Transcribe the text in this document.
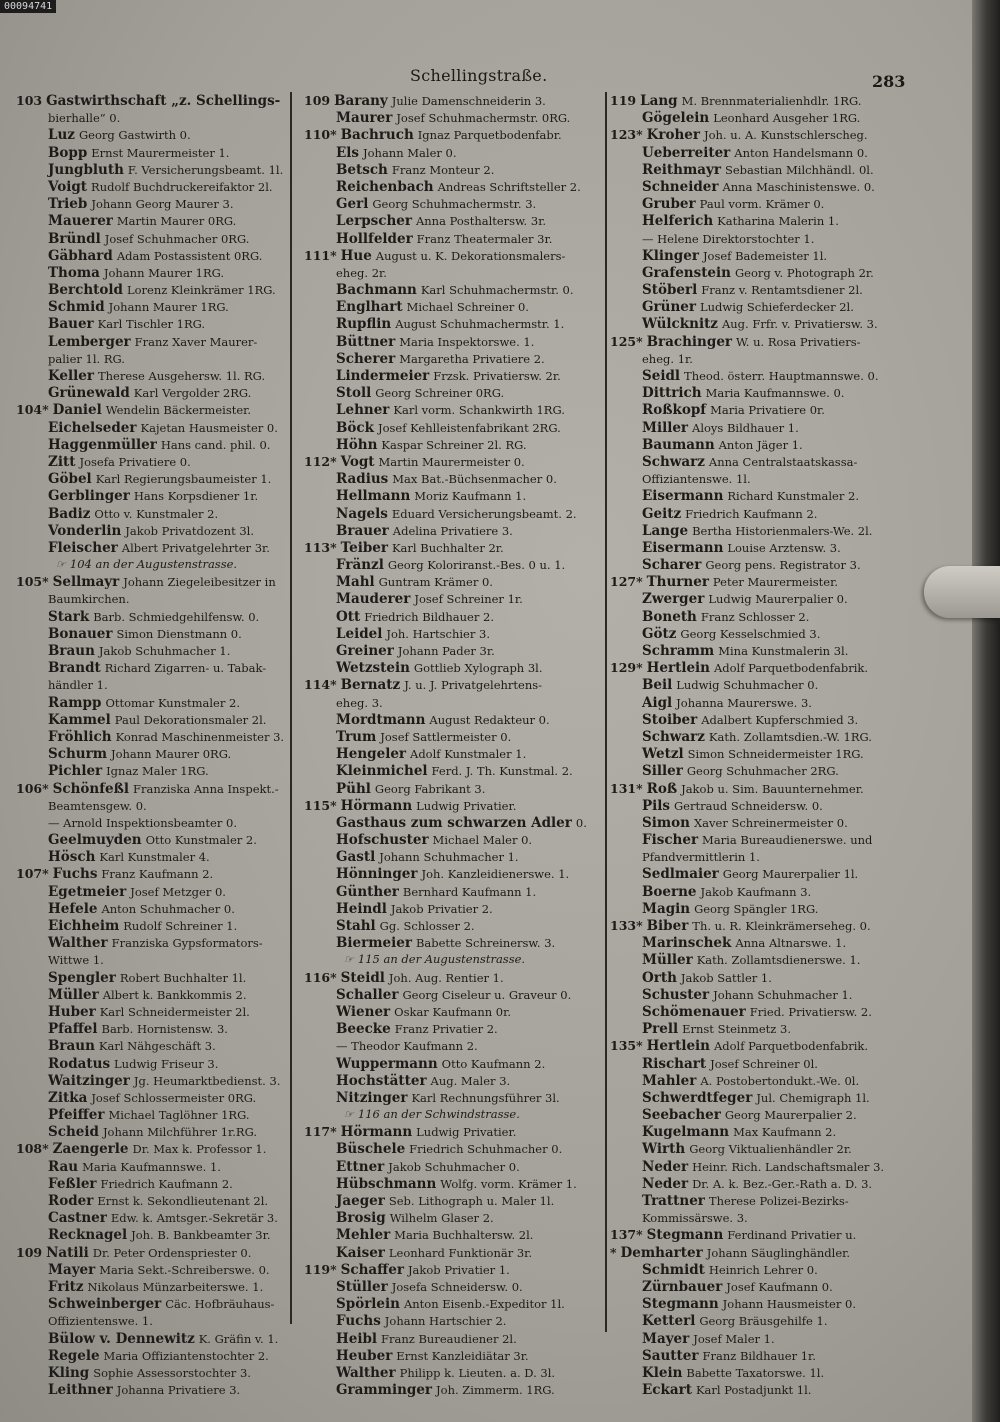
00094741
Schellingstraße.	283
103 Gastwirthschaft „z. Schellings-
bierhalle“ 0.
Luz Georg Gastwirth 0.
Bopp Ernst Maurermeister 1.
Jungbluth F. Versicherungsbeamt. 1l.
Voigt Rudolf Buchdruckereifaktor 2l.
Trieb Johann Georg Maurer 3.
Mauerer Martin Maurer 0RG.
Bründl Josef Schuhmacher 0RG.
Gäbhard Adam Postassistent 0RG.
Thoma Johann Maurer 1RG.
Berchtold Lorenz Kleinkrämer 1RG.
Schmid Johann Maurer 1RG.
Bauer Karl Tischler 1RG.
Lemberger Franz Xaver Maurer-
palier 1l. RG.
Keller Therese Ausgehersw. 1l. RG.
Grünewald Karl Vergolder 2RG.
104* Daniel Wendelin Bäckermeister.
Eichelseder Kajetan Hausmeister 0.
Haggenmüller Hans cand. phil. 0.
Zitt Josefa Privatiere 0.
Göbel Karl Regierungsbaumeister 1.
Gerblinger Hans Korpsdiener 1r.
Badiz Otto v. Kunstmaler 2.
Vonderlin Jakob Privatdozent 3l.
Fleischer Albert Privatgelehrter 3r.
☞ 104 an der Augustenstrasse.
105* Sellmayr Johann Ziegeleibesitzer in
Baumkirchen.
Stark Barb. Schmiedgehilfensw. 0.
Bonauer Simon Dienstmann 0.
Braun Jakob Schuhmacher 1.
Brandt Richard Zigarren- u. Tabak-
händler 1.
Rampp Ottomar Kunstmaler 2.
Kammel Paul Dekorationsmaler 2l.
Fröhlich Konrad Maschinenmeister 3.
Schurm Johann Maurer 0RG.
Pichler Ignaz Maler 1RG.
106* Schönfeßl Franziska Anna Inspekt.-
Beamtensgew. 0.
— Arnold Inspektionsbeamter 0.
Geelmuyden Otto Kunstmaler 2.
Hösch Karl Kunstmaler 4.
107* Fuchs Franz Kaufmann 2.
Egetmeier Josef Metzger 0.
Hefele Anton Schuhmacher 0.
Eichheim Rudolf Schreiner 1.
Walther Franziska Gypsformators-
Wittwe 1.
Spengler Robert Buchhalter 1l.
Müller Albert k. Bankkommis 2.
Huber Karl Schneidermeister 2l.
Pfaffel Barb. Hornistensw. 3.
Braun Karl Nähgeschäft 3.
Rodatus Ludwig Friseur 3.
Waitzinger Jg. Heumarktbedienst. 3.
Zitka Josef Schlossermeister 0RG.
Pfeiffer Michael Taglöhner 1RG.
Scheid Johann Milchführer 1r.RG.
108* Zaengerle Dr. Max k. Professor 1.
Rau Maria Kaufmannswe. 1.
Feßler Friedrich Kaufmann 2.
Roder Ernst k. Sekondlieutenant 2l.
Castner Edw. k. Amtsger.-Sekretär 3.
Recknagel Joh. B. Bankbeamter 3r.
109 Natili Dr. Peter Ordenspriester 0.
Mayer Maria Sekt.-Schreiberswe. 0.
Fritz Nikolaus Münzarbeiterswe. 1.
Schweinberger Cäc. Hofbräuhaus-
Offizientenswe. 1.
Bülow v. Dennewitz K. Gräfin v. 1.
Regele Maria Offiziantenstochter 2.
Kling Sophie Assessorstochter 3.
Leithner Johanna Privatiere 3.
109 Barany Julie Damenschneiderin 3.
Maurer Josef Schuhmachermstr. 0RG.
110* Bachruch Ignaz Parquetbodenfabr.
Els Johann Maler 0.
Betsch Franz Monteur 2.
Reichenbach Andreas Schriftsteller 2.
Gerl Georg Schuhmachermstr. 3.
Lerpscher Anna Posthaltersw. 3r.
Hollfelder Franz Theatermaler 3r.
111* Hue August u. K. Dekorationsmalers-
eheg. 2r.
Bachmann Karl Schuhmachermstr. 0.
Englhart Michael Schreiner 0.
Rupflin August Schuhmachermstr. 1.
Büttner Maria Inspektorswe. 1.
Scherer Margaretha Privatiere 2.
Lindermeier Frzsk. Privatiersw. 2r.
Stoll Georg Schreiner 0RG.
Lehner Karl vorm. Schankwirth 1RG.
Böck Josef Kehlleistenfabrikant 2RG.
Höhn Kaspar Schreiner 2l. RG.
112* Vogt Martin Maurermeister 0.
Radius Max Bat.-Büchsenmacher 0.
Hellmann Moriz Kaufmann 1.
Nagels Eduard Versicherungsbeamt. 2.
Brauer Adelina Privatiere 3.
113* Teiber Karl Buchhalter 2r.
Fränzl Georg Koloriranst.-Bes. 0 u. 1.
Mahl Guntram Krämer 0.
Mauderer Josef Schreiner 1r.
Ott Friedrich Bildhauer 2.
Leidel Joh. Hartschier 3.
Greiner Johann Pader 3r.
Wetzstein Gottlieb Xylograph 3l.
114* Bernatz J. u. J. Privatgelehrtens-
eheg. 3.
Mordtmann August Redakteur 0.
Trum Josef Sattlermeister 0.
Hengeler Adolf Kunstmaler 1.
Kleinmichel Ferd. J. Th. Kunstmal. 2.
Pühl Georg Fabrikant 3.
115* Hörmann Ludwig Privatier.
Gasthaus zum schwarzen Adler 0.
Hofschuster Michael Maler 0.
Gastl Johann Schuhmacher 1.
Hönninger Joh. Kanzleidienerswe. 1.
Günther Bernhard Kaufmann 1.
Heindl Jakob Privatier 2.
Stahl Gg. Schlosser 2.
Biermeier Babette Schreinersw. 3.
☞ 115 an der Augustenstrasse.
116* Steidl Joh. Aug. Rentier 1.
Schaller Georg Ciseleur u. Graveur 0.
Wiener Oskar Kaufmann 0r.
Beecke Franz Privatier 2.
— Theodor Kaufmann 2.
Wuppermann Otto Kaufmann 2.
Hochstätter Aug. Maler 3.
Nitzinger Karl Rechnungsführer 3l.
☞ 116 an der Schwindstrasse.
117* Hörmann Ludwig Privatier.
Büschele Friedrich Schuhmacher 0.
Ettner Jakob Schuhmacher 0.
Hübschmann Wolfg. vorm. Krämer 1.
Jaeger Seb. Lithograph u. Maler 1l.
Brosig Wilhelm Glaser 2.
Mehler Maria Buchhaltersw. 2l.
Kaiser Leonhard Funktionär 3r.
119* Schaffer Jakob Privatier 1.
Stüller Josefa Schneidersw. 0.
Spörlein Anton Eisenb.-Expeditor 1l.
Fuchs Johann Hartschier 2.
Heibl Franz Bureaudiener 2l.
Heuber Ernst Kanzleidiätar 3r.
Walther Philipp k. Lieuten. a. D. 3l.
Gramminger Joh. Zimmerm. 1RG.
119 Lang M. Brennmaterialienhdlr. 1RG.
Gögelein Leonhard Ausgeher 1RG.
123* Kroher Joh. u. A. Kunstschlerscheg.
Ueberreiter Anton Handelsmann 0.
Reithmayr Sebastian Milchhändl. 0l.
Schneider Anna Maschinistenswe. 0.
Gruber Paul vorm. Krämer 0.
Helferich Katharina Malerin 1.
— Helene Direktorstochter 1.
Klinger Josef Bademeister 1l.
Grafenstein Georg v. Photograph 2r.
Stöberl Franz v. Rentamtsdiener 2l.
Grüner Ludwig Schieferdecker 2l.
Wülcknitz Aug. Frfr. v. Privatiersw. 3.
125* Brachinger W. u. Rosa Privatiers-
eheg. 1r.
Seidl Theod. österr. Hauptmannswe. 0.
Dittrich Maria Kaufmannswe. 0.
Roßkopf Maria Privatiere 0r.
Miller Aloys Bildhauer 1.
Baumann Anton Jäger 1.
Schwarz Anna Centralstaatskassa-
Offiziantenswe. 1l.
Eisermann Richard Kunstmaler 2.
Geitz Friedrich Kaufmann 2.
Lange Bertha Historienmalers-We. 2l.
Eisermann Louise Arztensw. 3.
Scharer Georg pens. Registrator 3.
127* Thurner Peter Maurermeister.
Zwerger Ludwig Maurerpalier 0.
Boneth Franz Schlosser 2.
Götz Georg Kesselschmied 3.
Schramm Mina Kunstmalerin 3l.
129* Hertlein Adolf Parquetbodenfabrik.
Beil Ludwig Schuhmacher 0.
Aigl Johanna Maurerswe. 3.
Stoiber Adalbert Kupferschmied 3.
Schwarz Kath. Zollamtsdien.-W. 1RG.
Wetzl Simon Schneidermeister 1RG.
Siller Georg Schuhmacher 2RG.
131* Roß Jakob u. Sim. Bauunternehmer.
Pils Gertraud Schneidersw. 0.
Simon Xaver Schreinermeister 0.
Fischer Maria Bureaudienerswe. und
Pfandvermittlerin 1.
Sedlmaier Georg Maurerpalier 1l.
Boerne Jakob Kaufmann 3.
Magin Georg Spängler 1RG.
133* Biber Th. u. R. Kleinkrämerseheg. 0.
Marinschek Anna Altnarswe. 1.
Müller Kath. Zollamtsdienerswe. 1.
Orth Jakob Sattler 1.
Schuster Johann Schuhmacher 1.
Schömenauer Fried. Privatiersw. 2.
Prell Ernst Steinmetz 3.
135* Hertlein Adolf Parquetbodenfabrik.
Rischart Josef Schreiner 0l.
Mahler A. Postobertondukt.-We. 0l.
Schwerdtfeger Jul. Chemigraph 1l.
Seebacher Georg Maurerpalier 2.
Kugelmann Max Kaufmann 2.
Wirth Georg Viktualienhändler 2r.
Neder Heinr. Rich. Landschaftsmaler 3.
Neder Dr. A. k. Bez.-Ger.-Rath a. D. 3.
Trattner Therese Polizei-Bezirks-
Kommissärswe. 3.
137* Stegmann Ferdinand Privatier u.
* Demharter Johann Säuglinghändler.
Schmidt Heinrich Lehrer 0.
Zürnbauer Josef Kaufmann 0.
Stegmann Johann Hausmeister 0.
Ketterl Georg Bräusgehilfe 1.
Mayer Josef Maler 1.
Sautter Franz Bildhauer 1r.
Klein Babette Taxatorswe. 1l.
Eckart Karl Postadjunkt 1l.
